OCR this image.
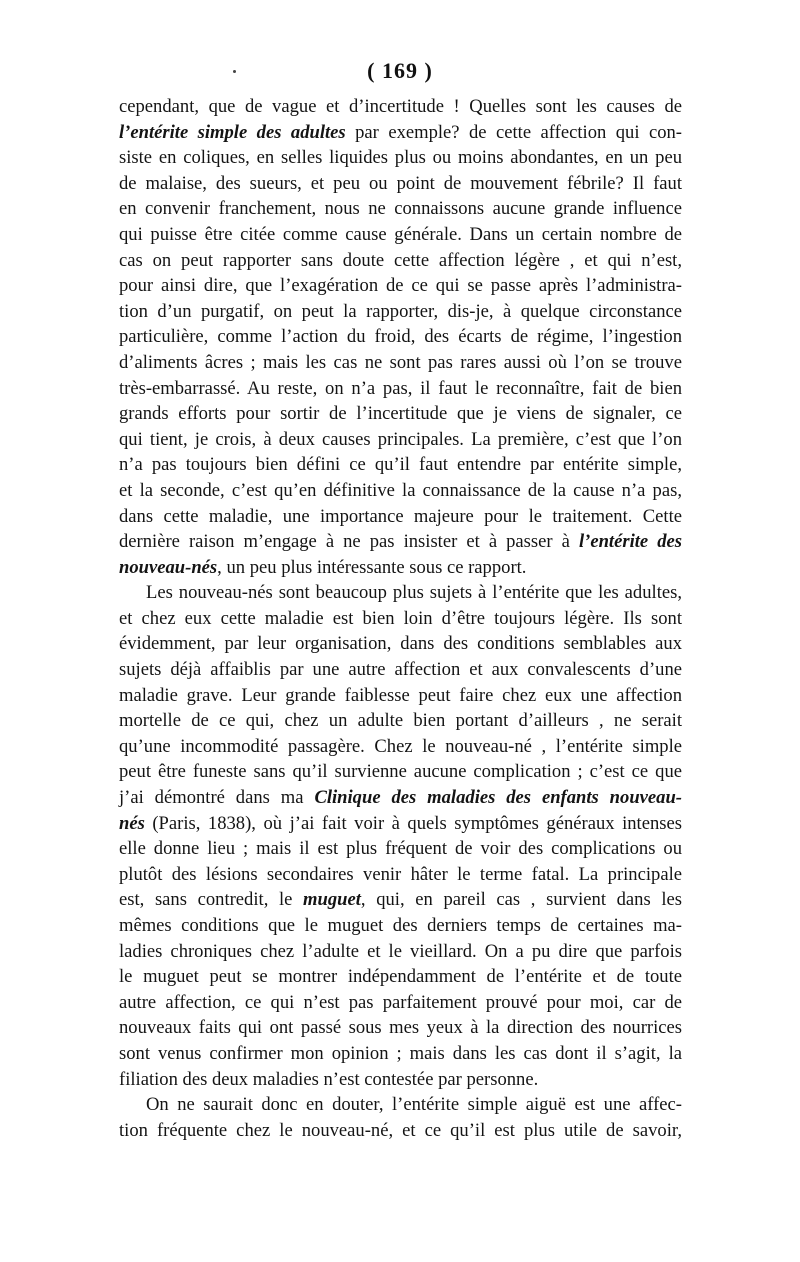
( 169 )
cependant, que de vague et d’incertitude ! Quelles sont les causes de
l’entérite simple des adultes par exemple? de cette affection qui con-
siste en coliques, en selles liquides plus ou moins abondantes, en un peu
de malaise, des sueurs, et peu ou point de mouvement fébrile? Il faut
en convenir franchement, nous ne connaissons aucune grande influence
qui puisse être citée comme cause générale. Dans un certain nombre de
cas on peut rapporter sans doute cette affection légère , et qui n’est,
pour ainsi dire, que l’exagération de ce qui se passe après l’administra-
tion d’un purgatif, on peut la rapporter, dis-je, à quelque circonstance
particulière, comme l’action du froid, des écarts de régime, l’ingestion
d’aliments âcres ; mais les cas ne sont pas rares aussi où l’on se trouve
très-embarrassé. Au reste, on n’a pas, il faut le reconnaître, fait de bien
grands efforts pour sortir de l’incertitude que je viens de signaler, ce
qui tient, je crois, à deux causes principales. La première, c’est que l’on
n’a pas toujours bien défini ce qu’il faut entendre par entérite simple,
et la seconde, c’est qu’en définitive la connaissance de la cause n’a pas,
dans cette maladie, une importance majeure pour le traitement. Cette
dernière raison m’engage à ne pas insister et à passer à l’entérite des
nouveau-nés, un peu plus intéressante sous ce rapport.
Les nouveau-nés sont beaucoup plus sujets à l’entérite que les adultes,
et chez eux cette maladie est bien loin d’être toujours légère. Ils sont
évidemment, par leur organisation, dans des conditions semblables aux
sujets déjà affaiblis par une autre affection et aux convalescents d’une
maladie grave. Leur grande faiblesse peut faire chez eux une affection
mortelle de ce qui, chez un adulte bien portant d’ailleurs , ne serait
qu’une incommodité passagère. Chez le nouveau-né , l’entérite simple
peut être funeste sans qu’il survienne aucune complication ; c’est ce que
j’ai démontré dans ma Clinique des maladies des enfants nouveau-
nés (Paris, 1838), où j’ai fait voir à quels symptômes généraux intenses
elle donne lieu ; mais il est plus fréquent de voir des complications ou
plutôt des lésions secondaires venir hâter le terme fatal. La principale
est, sans contredit, le muguet, qui, en pareil cas , survient dans les
mêmes conditions que le muguet des derniers temps de certaines ma-
ladies chroniques chez l’adulte et le vieillard. On a pu dire que parfois
le muguet peut se montrer indépendamment de l’entérite et de toute
autre affection, ce qui n’est pas parfaitement prouvé pour moi, car de
nouveaux faits qui ont passé sous mes yeux à la direction des nourrices
sont venus confirmer mon opinion ; mais dans les cas dont il s’agit, la
filiation des deux maladies n’est contestée par personne.
On ne saurait donc en douter, l’entérite simple aiguë est une affec-
tion fréquente chez le nouveau-né, et ce qu’il est plus utile de savoir,
